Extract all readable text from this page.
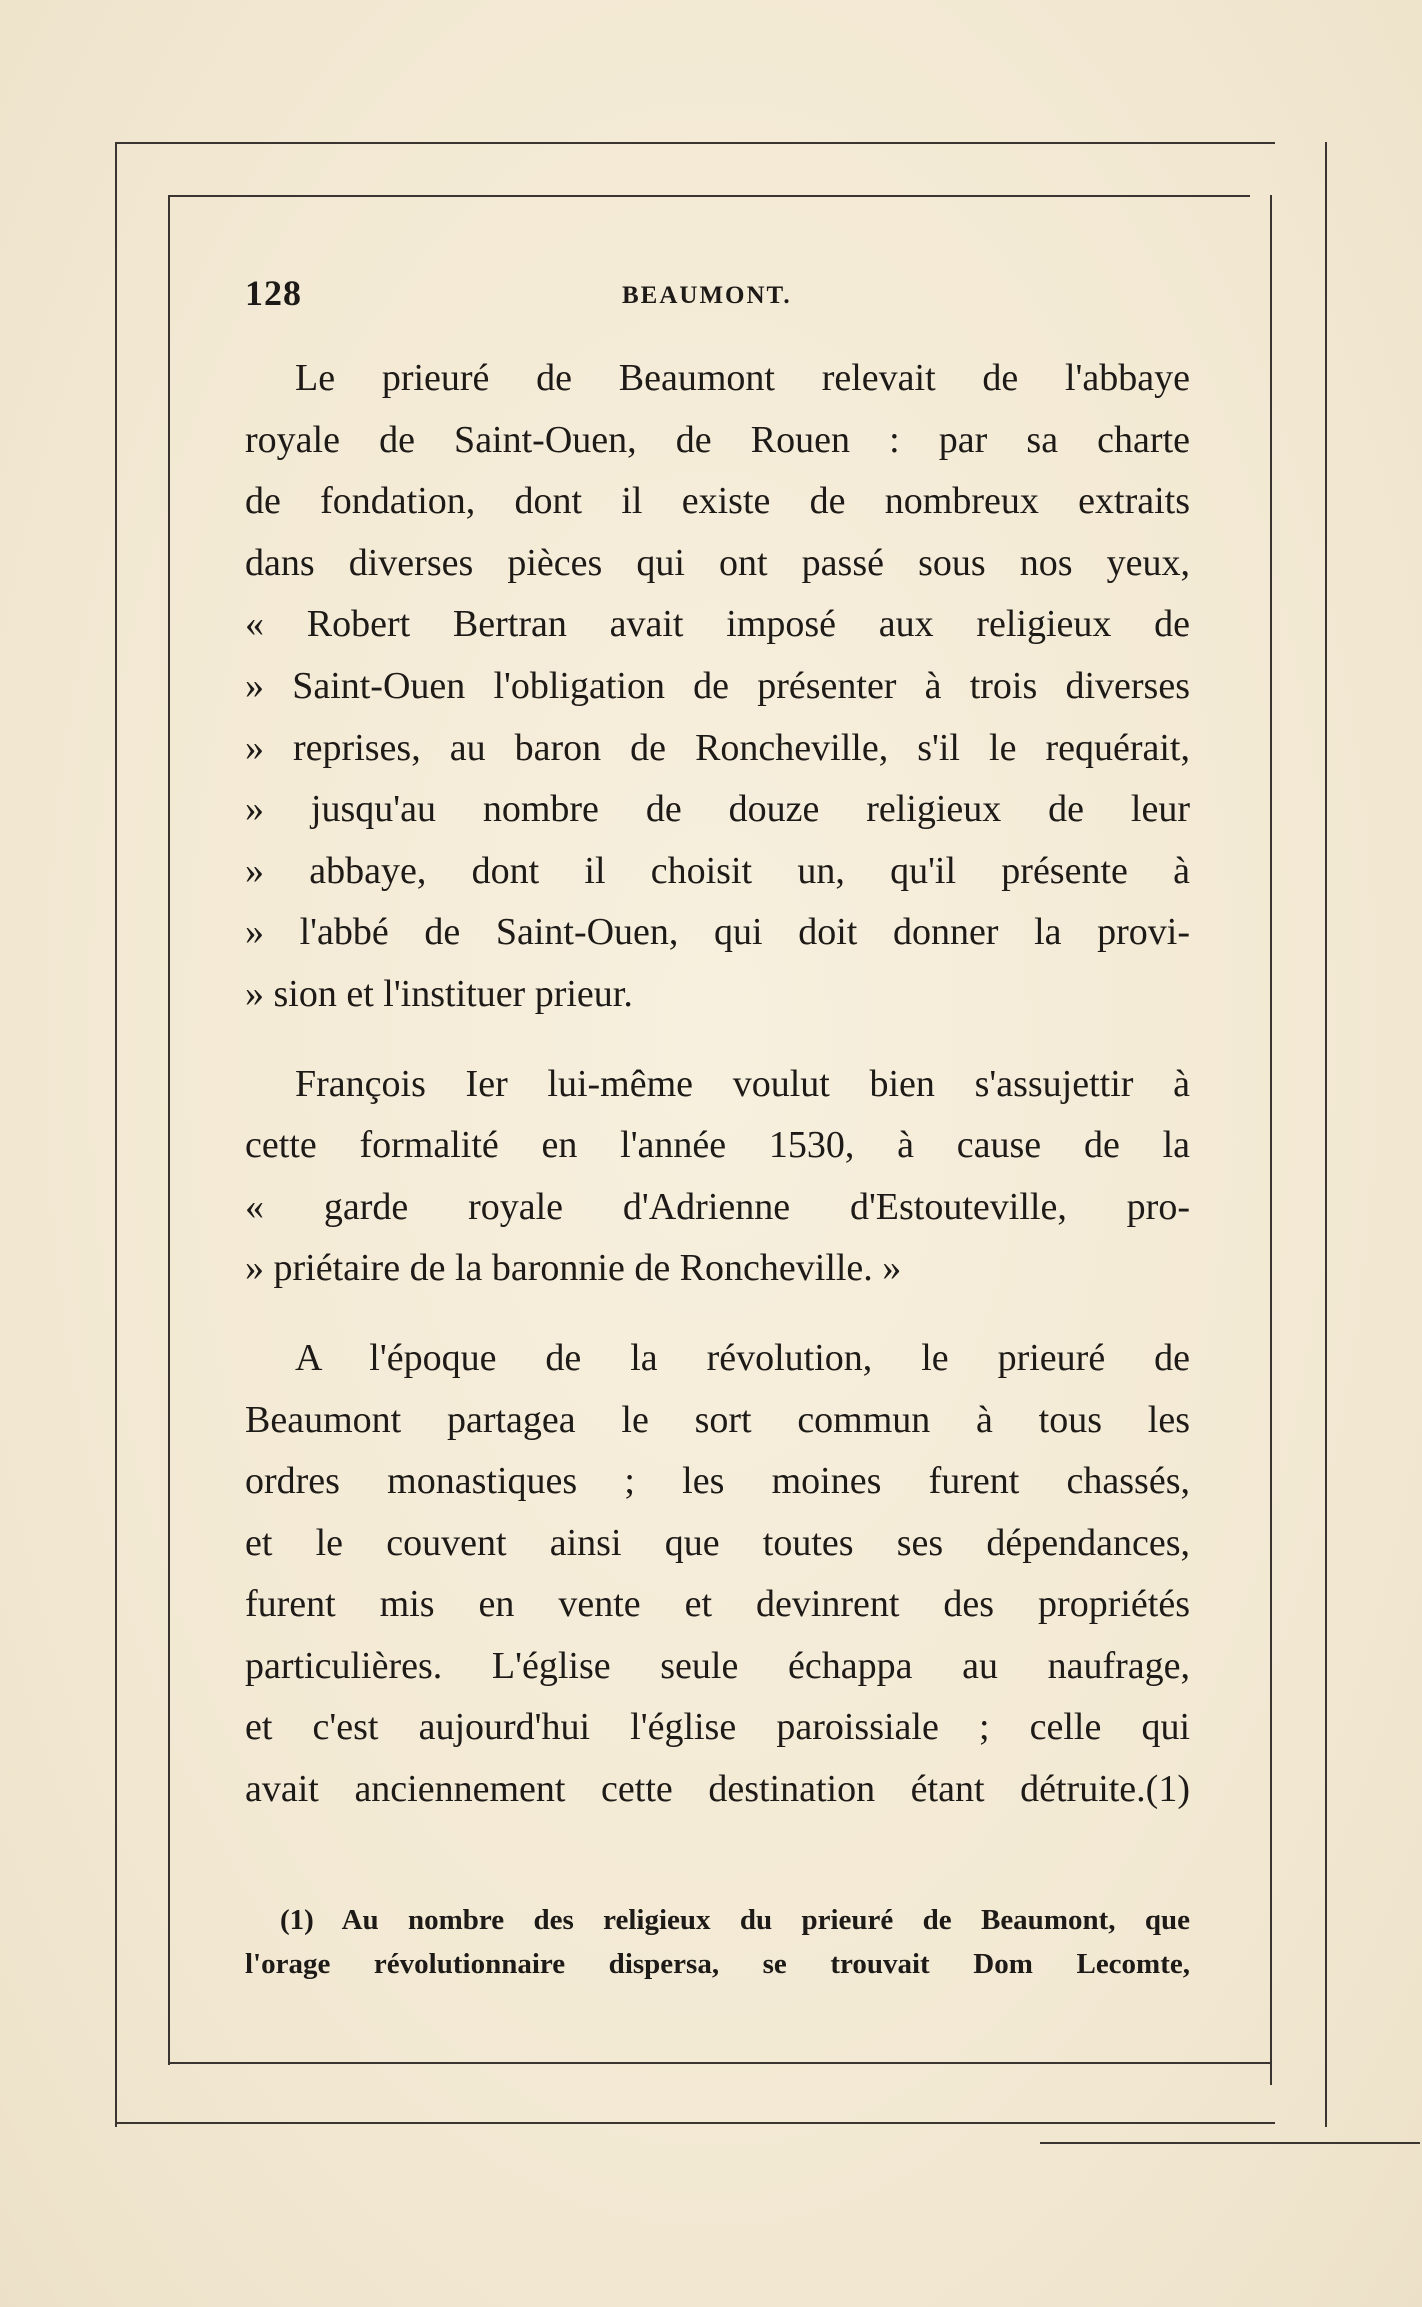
128	BEAUMONT.
Le prieuré de Beaumont relevait de l'abbaye
royale de Saint-Ouen, de Rouen : par sa charte
de fondation, dont il existe de nombreux extraits
dans diverses pièces qui ont passé sous nos yeux,
« Robert Bertran avait imposé aux religieux de
» Saint-Ouen l'obligation de présenter à trois diverses
» reprises, au baron de Roncheville, s'il le requérait,
» jusqu'au nombre de douze religieux de leur
» abbaye, dont il choisit un, qu'il présente à
» l'abbé de Saint-Ouen, qui doit donner la provi-
» sion et l'instituer prieur.
François Ier lui-même voulut bien s'assujettir à
cette formalité en l'année 1530, à cause de la
« garde royale d'Adrienne d'Estouteville, pro-
» priétaire de la baronnie de Roncheville. »
A l'époque de la révolution, le prieuré de
Beaumont partagea le sort commun à tous les
ordres monastiques ; les moines furent chassés,
et le couvent ainsi que toutes ses dépendances,
furent mis en vente et devinrent des propriétés
particulières. L'église seule échappa au naufrage,
et c'est aujourd'hui l'église paroissiale ; celle qui
avait anciennement cette destination étant détruite.(1)
(1) Au nombre des religieux du prieuré de Beaumont, que
l'orage révolutionnaire dispersa, se trouvait Dom Lecomte,
